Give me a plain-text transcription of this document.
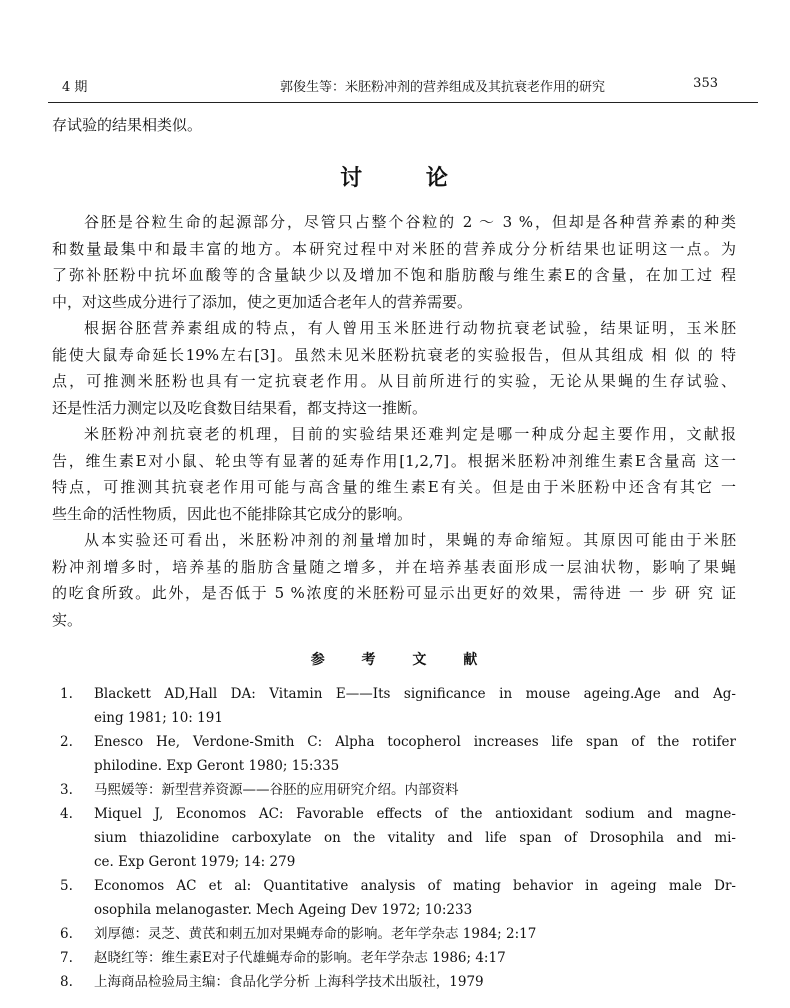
4 期	郭俊生等：米胚粉冲剂的营养组成及其抗衰老作用的研究	353
存试验的结果相类似。
讨 论
谷胚是谷粒生命的起源部分，尽管只占整个谷粒的 2 ～ 3 %，但却是各种营养素的种类
和数量最集中和最丰富的地方。本研究过程中对米胚的营养成分分析结果也证明这一点。为
了弥补胚粉中抗坏血酸等的含量缺少以及增加不饱和脂肪酸与维生素E的含量，在加工过 程
中，对这些成分进行了添加，使之更加适合老年人的营养需要。
根据谷胚营养素组成的特点，有人曾用玉米胚进行动物抗衰老试验，结果证明，玉米胚
能使大鼠寿命延长19%左右[3]。虽然未见米胚粉抗衰老的实验报告，但从其组成 相 似 的 特
点，可推测米胚粉也具有一定抗衰老作用。从目前所进行的实验，无论从果蝇的生存试验、
还是性活力测定以及吃食数目结果看，都支持这一推断。
米胚粉冲剂抗衰老的机理，目前的实验结果还难判定是哪一种成分起主要作用，文献报
告，维生素E对小鼠、轮虫等有显著的延寿作用[1,2,7]。根据米胚粉冲剂维生素E含量高 这一
特点，可推测其抗衰老作用可能与高含量的维生素E有关。但是由于米胚粉中还含有其它 一
些生命的活性物质，因此也不能排除其它成分的影响。
从本实验还可看出，米胚粉冲剂的剂量增加时，果蝇的寿命缩短。其原因可能由于米胚
粉冲剂增多时，培养基的脂肪含量随之增多，并在培养基表面形成一层油状物，影响了果蝇
的吃食所致。此外，是否低于 5 %浓度的米胚粉可显示出更好的效果，需待进 一 步 研 究 证
实。
参 考 文 献
1.	Blackett AD,Hall DA: Vitamin E——Its significance in mouse ageing.Age and Ag-
eing 1981; 10: 191
2.	Enesco He, Verdone-Smith C: Alpha tocopherol increases life span of the rotifer
philodine. Exp Geront 1980; 15:335
3.	马熙媛等：新型营养资源——谷胚的应用研究介绍。内部资料
4.	Miquel J, Economos AC: Favorable effects of the antioxidant sodium and magne-
sium thiazolidine carboxylate on the vitality and life span of Drosophila and mi-
ce. Exp Geront 1979; 14: 279
5.	Economos AC et al: Quantitative analysis of mating behavior in ageing male Dr-
osophila melanogaster. Mech Ageing Dev 1972; 10:233
6.	刘厚德：灵芝、黄芪和刺五加对果蝇寿命的影响。老年学杂志 1984; 2:17
7.	赵晓红等：维生素E对子代雄蝇寿命的影响。老年学杂志 1986; 4:17
8.	上海商品检验局主编：食品化学分析 上海科学技术出版社，1979
